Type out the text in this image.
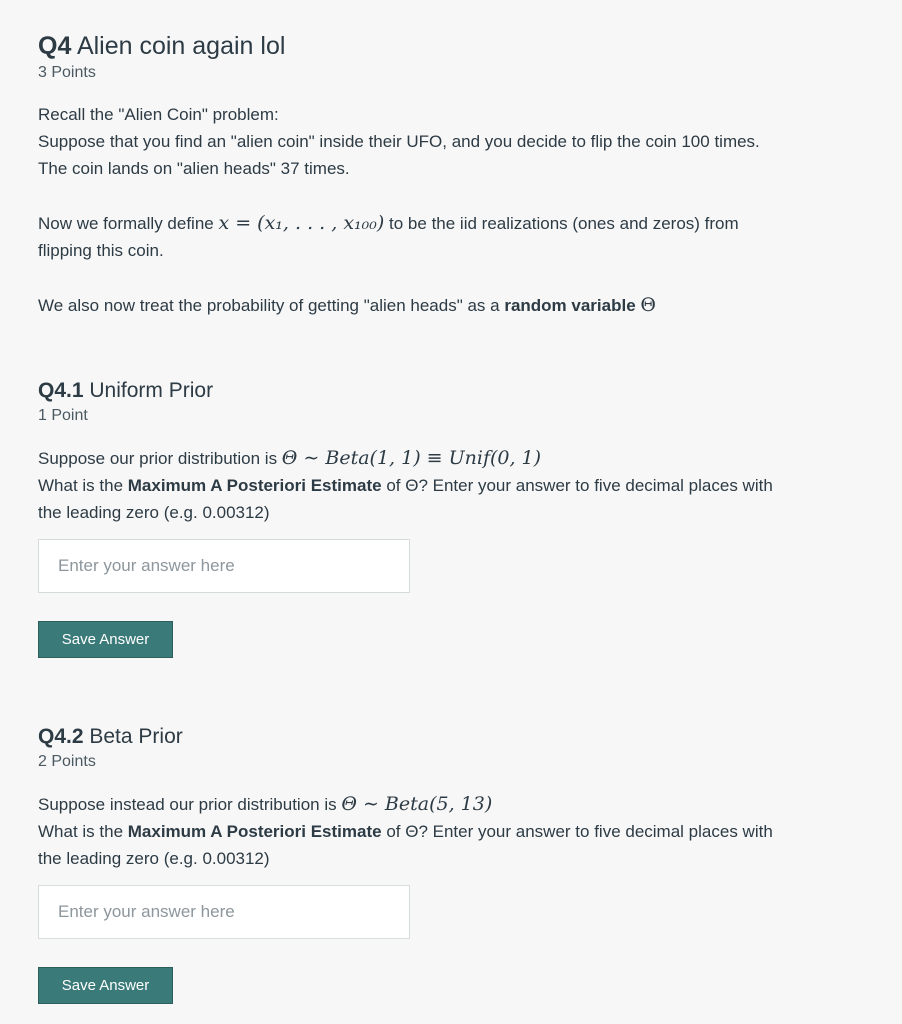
Q4 Alien coin again lol
3 Points
Recall the "Alien Coin" problem:
Suppose that you find an "alien coin" inside their UFO, and you decide to flip the coin 100 times.
The coin lands on "alien heads" 37 times.
Now we formally define x = (x₁, . . . , x₁₀₀) to be the iid realizations (ones and zeros) from
flipping this coin.
We also now treat the probability of getting "alien heads" as a random variable Θ
Q4.1 Uniform Prior
1 Point
Suppose our prior distribution is Θ ∼ Beta(1, 1) ≡ Unif(0, 1)
What is the Maximum A Posteriori Estimate of Θ? Enter your answer to five decimal places with
the leading zero (e.g. 0.00312)
Enter your answer here
Save Answer
Q4.2 Beta Prior
2 Points
Suppose instead our prior distribution is Θ ∼ Beta(5, 13)
What is the Maximum A Posteriori Estimate of Θ? Enter your answer to five decimal places with
the leading zero (e.g. 0.00312)
Enter your answer here
Save Answer
